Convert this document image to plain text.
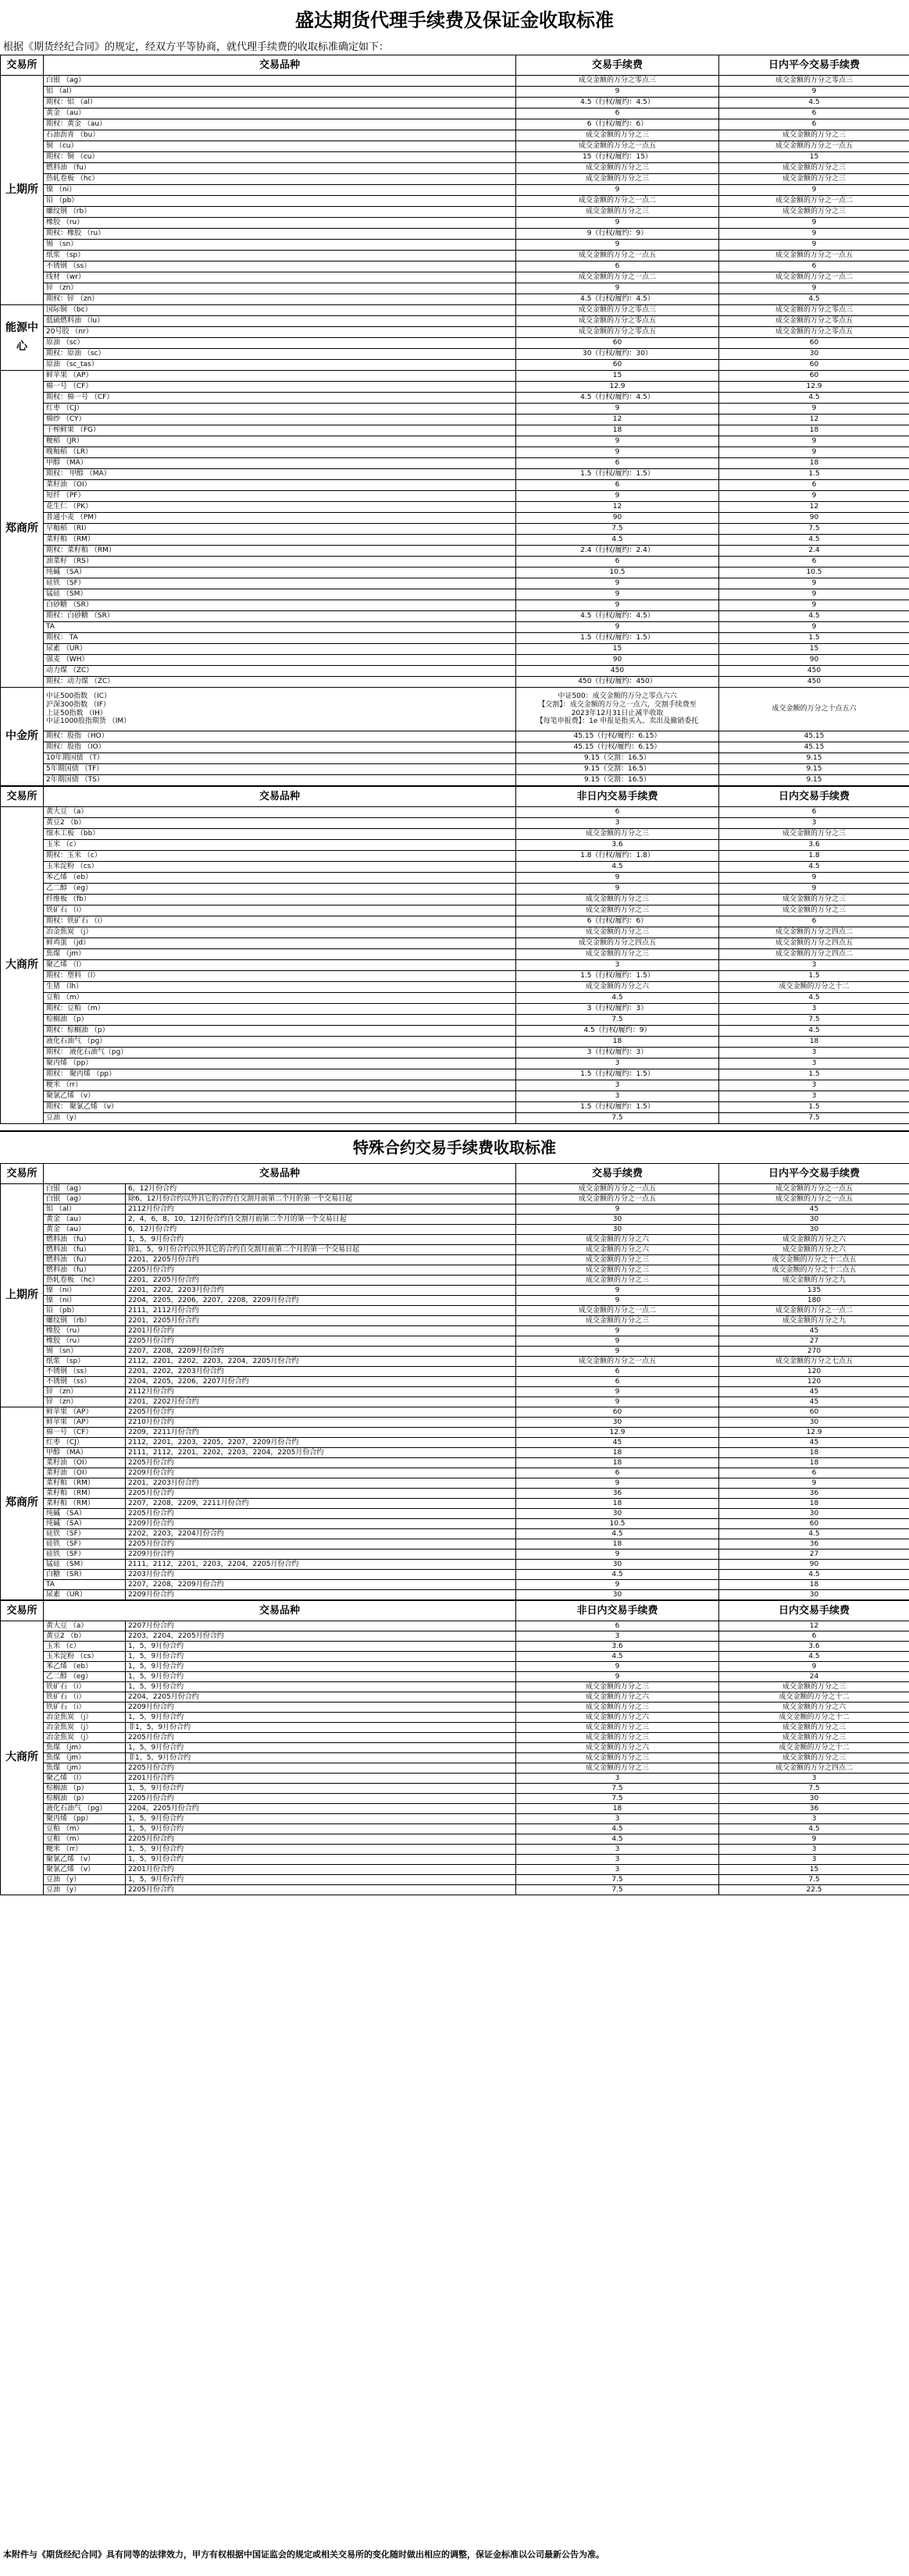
盛达期货代理手续费及保证金收取标准
根据《期货经纪合同》的规定，经双方平等协商，就代理手续费的收取标准确定如下：
交易所	交易品种	交易手续费	日内平今交易手续费
上期所	白银 （ag）	成交金额的万分之零点三	成交金额的万分之零点三
	铝 （al）	9	9
	期权：铝 （al）	4.5（行权/履约：4.5）	4.5
	黄金 （au）	6	6
	期权：黄金 （au）	6（行权/履约：6）	6
	石油沥青 （bu）	成交金额的万分之三	成交金额的万分之三
	铜 （cu）	成交金额的万分之一点五	成交金额的万分之一点五
	期权：铜 （cu）	15（行权/履约：15）	15
	燃料油 （fu）	成交金额的万分之三	成交金额的万分之三
	热轧卷板 （hc）	成交金额的万分之三	成交金额的万分之三
	镍 （ni）	9	9
	铅 （pb）	成交金额的万分之一点二	成交金额的万分之一点二
	螺纹钢 （rb）	成交金额的万分之三	成交金额的万分之三
	橡胶 （ru）	9	9
	期权：橡胶 （ru）	9（行权/履约：9）	9
	锡 （sn）	9	9
	纸浆 （sp）	成交金额的万分之一点五	成交金额的万分之一点五
	不锈钢 （ss）	6	6
	线材 （wr）	成交金额的万分之一点二	成交金额的万分之一点二
	锌 （zn）	9	9
	期权：锌 （zn）	4.5（行权/履约：4.5）	4.5
能源中心	国际铜 （bc）	成交金额的万分之零点三	成交金额的万分之零点三
	低硫燃料油 （lu）	成交金额的万分之零点五	成交金额的万分之零点五
	20号胶 （nr）	成交金额的万分之零点五	成交金额的万分之零点五
	原油 （sc）	60	60
	期权：原油 （sc）	30（行权/履约：30）	30
	原油 （sc_tas）	60	60
郑商所	鲜苹果 （AP）	15	60
	棉一号 （CF）	12.9	12.9
	期权：棉一号 （CF）	4.5（行权/履约：4.5）	4.5
	红枣 （CJ）	9	9
	棉纱 （CY）	12	12
	干榨鲜果 （FG）	18	18
	粳稻 （JR）	9	9
	晚籼稻 （LR）	9	9
	甲醇 （MA）	6	18
	期权： 甲醇 （MA）	1.5（行权/履约：1.5）	1.5
	菜籽油 （OI）	6	6
	短纤 （PF）	9	9
	花生仁 （PK）	12	12
	普通小麦 （PM）	90	90
	早籼稻 （RI）	7.5	7.5
	菜籽粕 （RM）	4.5	4.5
	期权：菜籽粕 （RM）	2.4（行权/履约：2.4）	2.4
	油菜籽 （RS）	6	6
	纯碱 （SA）	10.5	10.5
	硅铁 （SF）	9	9
	锰硅 （SM）	9	9
	白砂糖 （SR）	9	9
	期权：白砂糖 （SR）	4.5（行权/履约：4.5）	4.5
	TA	9	9
	期权： TA	1.5（行权/履约：1.5）	1.5
	尿素 （UR）	15	15
	强麦 （WH）	90	90
	动力煤 （ZC）	450	450
	期权：动力煤 （ZC）	450（行权/履约：450）	450
中金所	中证500指数 （IC）
沪深300指数 （IF）
上证50指数 （IH）
中证1000股指期货 （IM）	中证500：成交金额的万分之零点六六
【交割】：成交金额的万分之一点六，交割手续费至
2023年12月31日止减半收取
【每笔申报费】：1e 申报是指买入、卖出及撤销委托	成交金额的万分之十点五六
	期权：股指 （HO）	45.15（行权/履约：6.15）	45.15
	期权：股指 （IO）	45.15（行权/履约：6.15）	45.15
	10年期国债 （T）	9.15（交割：16.5）	9.15
	5年期国债 （TF）	9.15（交割：16.5）	9.15
	2年期国债 （TS）	9.15（交割：16.5）	9.15
交易所	交易品种	非日内交易手续费	日内交易手续费
大商所	黄大豆 （a）	6	6
	黄豆2 （b）	3	3
	细木工板 （bb）	成交金额的万分之三	成交金额的万分之三
	玉米 （c）	3.6	3.6
	期权：玉米 （c）	1.8（行权/履约：1.8）	1.8
	玉米淀粉 （cs）	4.5	4.5
	苯乙烯 （eb）	9	9
	乙二醇 （eg）	9	9
	纤维板 （fb）	成交金额的万分之三	成交金额的万分之三
	铁矿石 （i）	成交金额的万分之三	成交金额的万分之三
	期权：铁矿石 （i）	6（行权/履约：6）	6
	冶金焦炭 （j）	成交金额的万分之三	成交金额的万分之四点二
	鲜鸡蛋 （jd）	成交金额的万分之四点五	成交金额的万分之四点五
	焦煤 （jm）	成交金额的万分之三	成交金额的万分之四点二
	聚乙烯 （l）	3	3
	期权：塑料 （l）	1.5（行权/履约：1.5）	1.5
	生猪 （lh）	成交金额的万分之六	成交金额的万分之十二
	豆粕 （m）	4.5	4.5
	期权：豆粕 （m）	3（行权/履约：3）	3
	棕榈油 （p）	7.5	7.5
	期权：棕榈油 （p）	4.5（行权/履约：9）	4.5
	液化石油气 （pg）	18	18
	期权： 液化石油气（pg）	3（行权/履约：3）	3
	聚丙烯 （pp）	3	3
	期权： 聚丙烯 （pp）	1.5（行权/履约：1.5）	1.5
	粳米 （rr）	3	3
	聚氯乙烯 （v）	3	3
	期权： 聚氯乙烯 （v）	1.5（行权/履约：1.5）	1.5
	豆油 （y）	7.5	7.5
特殊合约交易手续费收取标准
交易所	交易品种		交易手续费	日内平今交易手续费
上期所	白银 （ag）	6，12月份合约	成交金额的万分之一点五	成交金额的万分之一点五
	白银 （ag）	除6，12月份合约以外其它的合约自交割月前第二个月的第一个交易日起	成交金额的万分之一点五	成交金额的万分之一点五
	铝 （al）	2112月份合约	9	45
	黄金 （au）	2，4，6，8，10，12月份合约自交割月前第二个月的第一个交易日起	30	30
	黄金 （au）	6，12月份合约	30	30
	燃料油 （fu）	1，5，9月份合约	成交金额的万分之六	成交金额的万分之六
	燃料油 （fu）	除1，5，9月份合约以外其它的合约自交割月前第二个月的第一个交易日起	成交金额的万分之六	成交金额的万分之六
	燃料油 （fu）	2201，2205月份合约	成交金额的万分之三	成交金额的万分之十二点五
	燃料油 （fu）	2205月份合约	成交金额的万分之三	成交金额的万分之十二点五
	热轧卷板 （hc）	2201，2205月份合约	成交金额的万分之三	成交金额的万分之九
	镍 （ni）	2201，2202，2203月份合约	9	135
	镍 （ni）	2204，2205，2206，2207，2208，2209月份合约	9	180
	铅 （pb）	2111，2112月份合约	成交金额的万分之一点二	成交金额的万分之一点二
	螺纹钢 （rb）	2201，2205月份合约	成交金额的万分之三	成交金额的万分之九
	橡胶 （ru）	2201月份合约	9	45
	橡胶 （ru）	2205月份合约	9	27
	锡 （sn）	2207，2208，2209月份合约	9	270
	纸浆 （sp）	2112，2201，2202，2203，2204，2205月份合约	成交金额的万分之一点五	成交金额的万分之七点五
	不锈钢 （ss）	2201，2202，2203月份合约	6	120
	不锈钢 （ss）	2204，2205，2206，2207月份合约	6	120
	锌 （zn）	2112月份合约	9	45
	锌 （zn）	2201，2202月份合约	9	45
郑商所	鲜苹果 （AP）	2205月份合约	60	60
	鲜苹果 （AP）	2210月份合约	30	30
	棉一号 （CF）	2209，2211月份合约	12.9	12.9
	红枣 （CJ）	2112，2201，2203，2205，2207，2209月份合约	45	45
	甲醇 （MA）	2111，2112，2201，2202，2203，2204，2205月份合约	18	18
	菜籽油 （OI）	2205月份合约	18	18
	菜籽油 （OI）	2209月份合约	6	6
	菜籽粕 （RM）	2201，2203月份合约	9	9
	菜籽粕 （RM）	2205月份合约	36	36
	菜籽粕 （RM）	2207，2208，2209，2211月份合约	18	18
	纯碱 （SA）	2205月份合约	30	30
	纯碱 （SA）	2209月份合约	10.5	60
	硅铁 （SF）	2202，2203，2204月份合约	4.5	4.5
	硅铁 （SF）	2205月份合约	18	36
	硅铁 （SF）	2209月份合约	9	27
	锰硅 （SM）	2111，2112，2201，2203，2204，2205月份合约	30	90
	白糖 （SR）	2203月份合约	4.5	4.5
	TA	2207，2208，2209月份合约	9	18
	尿素 （UR）	2209月份合约	30	30
交易所	交易品种		非日内交易手续费	日内交易手续费
大商所	黄大豆 （a）	2207月份合约	6	12
	黄豆2 （b）	2203，2204，2205月份合约	3	6
	玉米 （c）	1，5，9月份合约	3.6	3.6
	玉米淀粉 （cs）	1，5，9月份合约	4.5	4.5
	苯乙烯 （eb）	1，5，9月份合约	9	9
	乙二醇 （eg）	1，5，9月份合约	9	24
	铁矿石 （i）	1，5，9月份合约	成交金额的万分之三	成交金额的万分之三
	铁矿石 （i）	2204，2205月份合约	成交金额的万分之六	成交金额的万分之十二
	铁矿石 （i）	2209月份合约	成交金额的万分之三	成交金额的万分之六
	冶金焦炭 （j）	1，5，9月份合约	成交金额的万分之六	成交金额的万分之十二
	冶金焦炭 （j）	非1，5，9月份合约	成交金额的万分之三	成交金额的万分之三
	冶金焦炭 （j）	2205月份合约	成交金额的万分之三	成交金额的万分之三
	焦煤 （jm）	1，5，9月份合约	成交金额的万分之六	成交金额的万分之十二
	焦煤 （jm）	非1，5，9月份合约	成交金额的万分之三	成交金额的万分之三
	焦煤 （jm）	2205月份合约	成交金额的万分之三	成交金额的万分之四点二
	聚乙烯 （l）	2201月份合约	3	3
	棕榈油 （p）	1，5，9月份合约	7.5	7.5
	棕榈油 （p）	2205月份合约	7.5	30
	液化石油气 （pg）	2204，2205月份合约	18	36
	聚丙烯 （pp）	1，5，9月份合约	3	3
	豆粕 （m）	1，5，9月份合约	4.5	4.5
	豆粕 （m）	2205月份合约	4.5	9
	粳米 （rr）	1，5，9月份合约	3	3
	聚氯乙烯 （v）	1，5，9月份合约	3	3
	聚氯乙烯 （v）	2201月份合约	3	15
	豆油 （y）	1，5，9月份合约	7.5	7.5
	豆油 （y）	2205月份合约	7.5	22.5
本附件与《期货经纪合同》具有同等的法律效力，甲方有权根据中国证监会的规定或相关交易所的变化随时做出相应的调整，保证金标准以公司最新公告为准。
